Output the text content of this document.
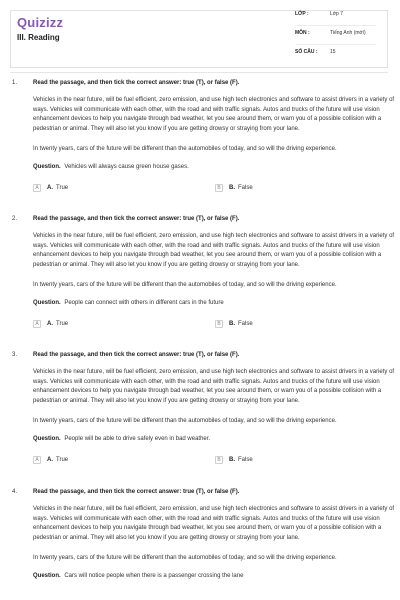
Quizizz
III. Reading
LỚP :	Lớp 7
MÔN :	Tiếng Anh (mới)
SỐ CÂU :	15
1.	Read the passage, and then tick the correct answer: true (T), or false (F).

Vehicles in the near future, will be fuel efficient, zero emission, and use high tech electronics and software to assist drivers in a variety of ways. Vehicles will communicate with each other, with the road and with traffic signals. Autos and trucks of the future will use vision enhancement devices to help you navigate through bad weather, let you see around them, or warn you of a possible collision with a pedestrian or animal. They will also let you know if you are getting drowsy or straying from your lane.

In twenty years, cars of the future will be different than the automobiles of today, and so will the driving experience.
Question. Vehicles will always cause green house gases.
A	A. True	B	B. False
2.	Read the passage, and then tick the correct answer: true (T), or false (F).

Vehicles in the near future, will be fuel efficient, zero emission, and use high tech electronics and software to assist drivers in a variety of ways. Vehicles will communicate with each other, with the road and with traffic signals. Autos and trucks of the future will use vision enhancement devices to help you navigate through bad weather, let you see around them, or warn you of a possible collision with a pedestrian or animal. They will also let you know if you are getting drowsy or straying from your lane.

In twenty years, cars of the future will be different than the automobiles of today, and so will the driving experience.
Question. People can connect with others in different cars in the future
A	A. True	B	B. False
3.	Read the passage, and then tick the correct answer: true (T), or false (F).

Vehicles in the near future, will be fuel efficient, zero emission, and use high tech electronics and software to assist drivers in a variety of ways. Vehicles will communicate with each other, with the road and with traffic signals. Autos and trucks of the future will use vision enhancement devices to help you navigate through bad weather, let you see around them, or warn you of a possible collision with a pedestrian or animal. They will also let you know if you are getting drowsy or straying from your lane.

In twenty years, cars of the future will be different than the automobiles of today, and so will the driving experience.
Question. People will be able to drive safely even in bad weather.
A	A. True	B	B. False
4.	Read the passage, and then tick the correct answer: true (T), or false (F).

Vehicles in the near future, will be fuel efficient, zero emission, and use high tech electronics and software to assist drivers in a variety of ways. Vehicles will communicate with each other, with the road and with traffic signals. Autos and trucks of the future will use vision enhancement devices to help you navigate through bad weather, let you see around them, or warn you of a possible collision with a pedestrian or animal. They will also let you know if you are getting drowsy or straying from your lane.

In twenty years, cars of the future will be different than the automobiles of today, and so will the driving experience.
Question. Cars will notice people when there is a passenger crossing the lane
